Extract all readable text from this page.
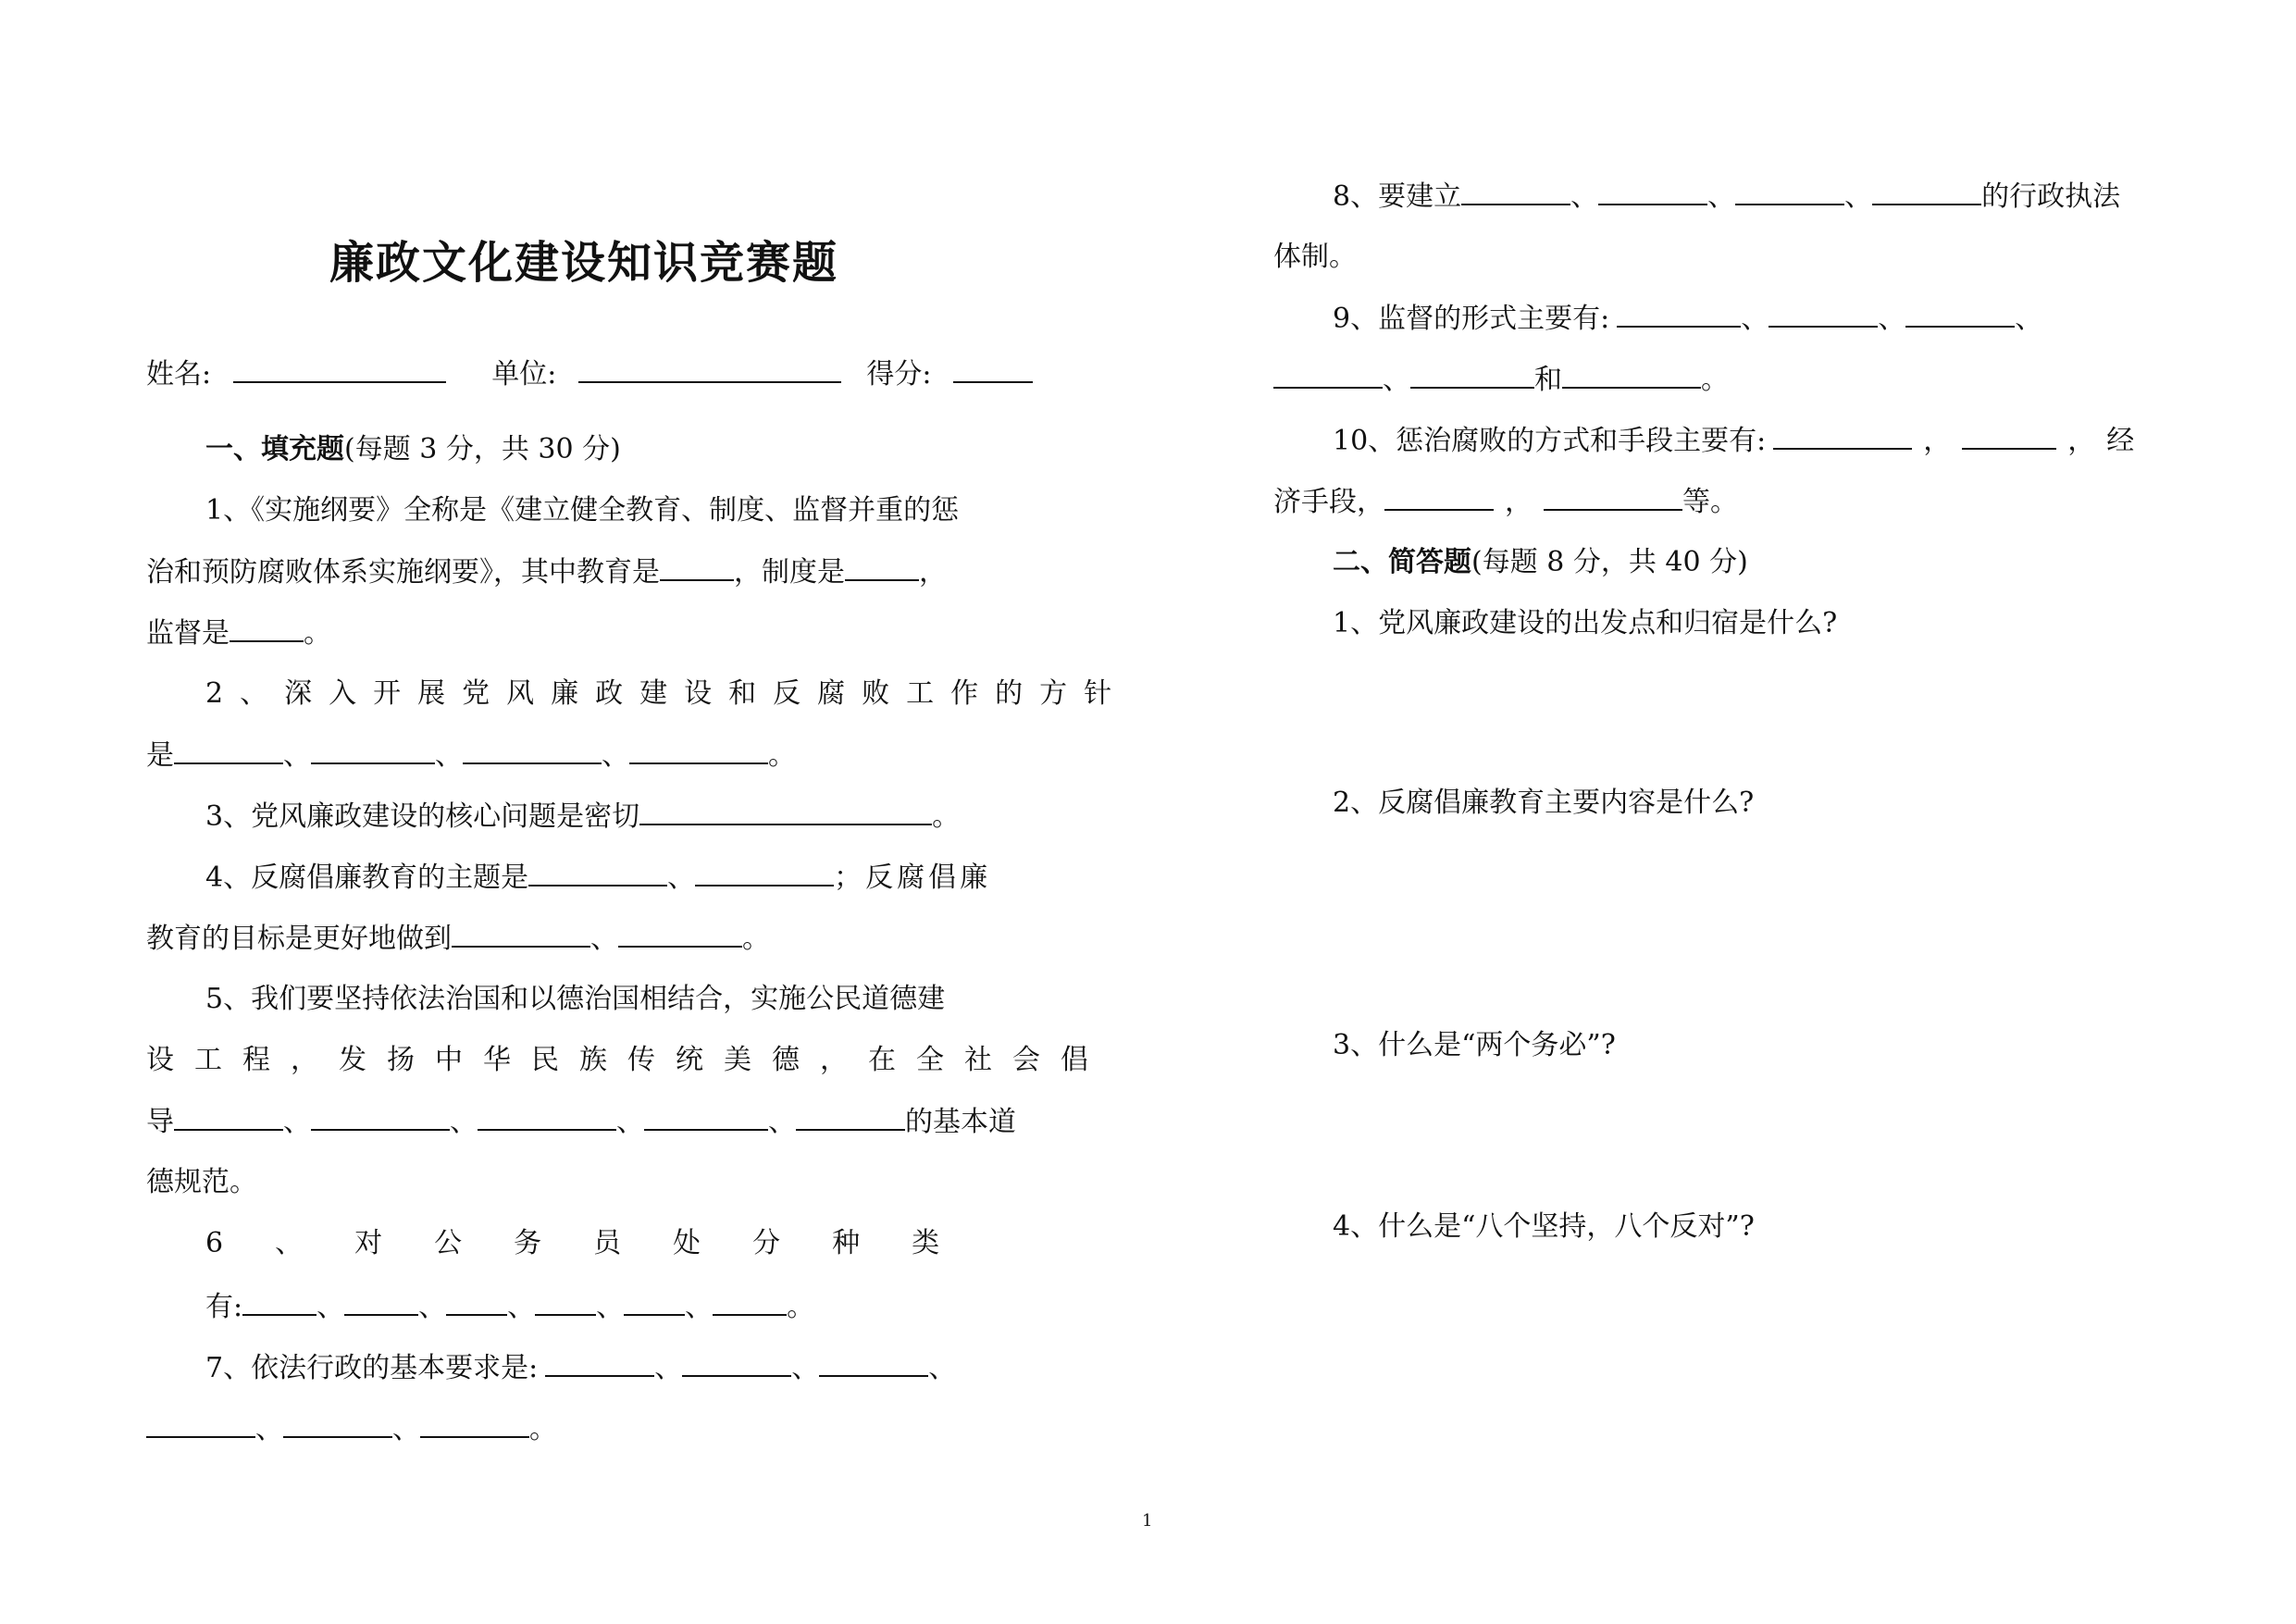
廉政文化建设知识竞赛题
姓名:	单位:	得分:
一、填充题(每题 3 分，共 30 分)
1、《实施纲要》全称是《建立健全教育、制度、监督并重的惩
治和预防腐败体系实施纲要》，其中教育是	，制度是	，
监督是	。
2、深入开展党风廉政建设和反腐败工作的方针
是	、	、	、	。
3、党风廉政建设的核心问题是密切	。
4、反腐倡廉教育的主题是	、	；反腐倡廉
教育的目标是更好地做到	、	。
5、我们要坚持依法治国和以德治国相结合，实施公民道德建
设工程，发扬中华民族传统美德，在全社会倡
导	、	、	、	、	的基本道
德规范。
6、对公务员处分种类
有:	、	、 、 、 、	。
7、依法行政的基本要求是:	、	、	、
、	、	。
8、要建立	、	、	、	的行政执法
体制。
9、监督的形式主要有:	、	、	、
、	和	。
10、惩治腐败的方式和手段主要有:	，	， 经
济手段，	，	等。
二、简答题(每题 8 分，共 40 分)
1、党风廉政建设的出发点和归宿是什么?
2、反腐倡廉教育主要内容是什么?
3、什么是“两个务必”?
4、什么是“八个坚持，八个反对”?
1
